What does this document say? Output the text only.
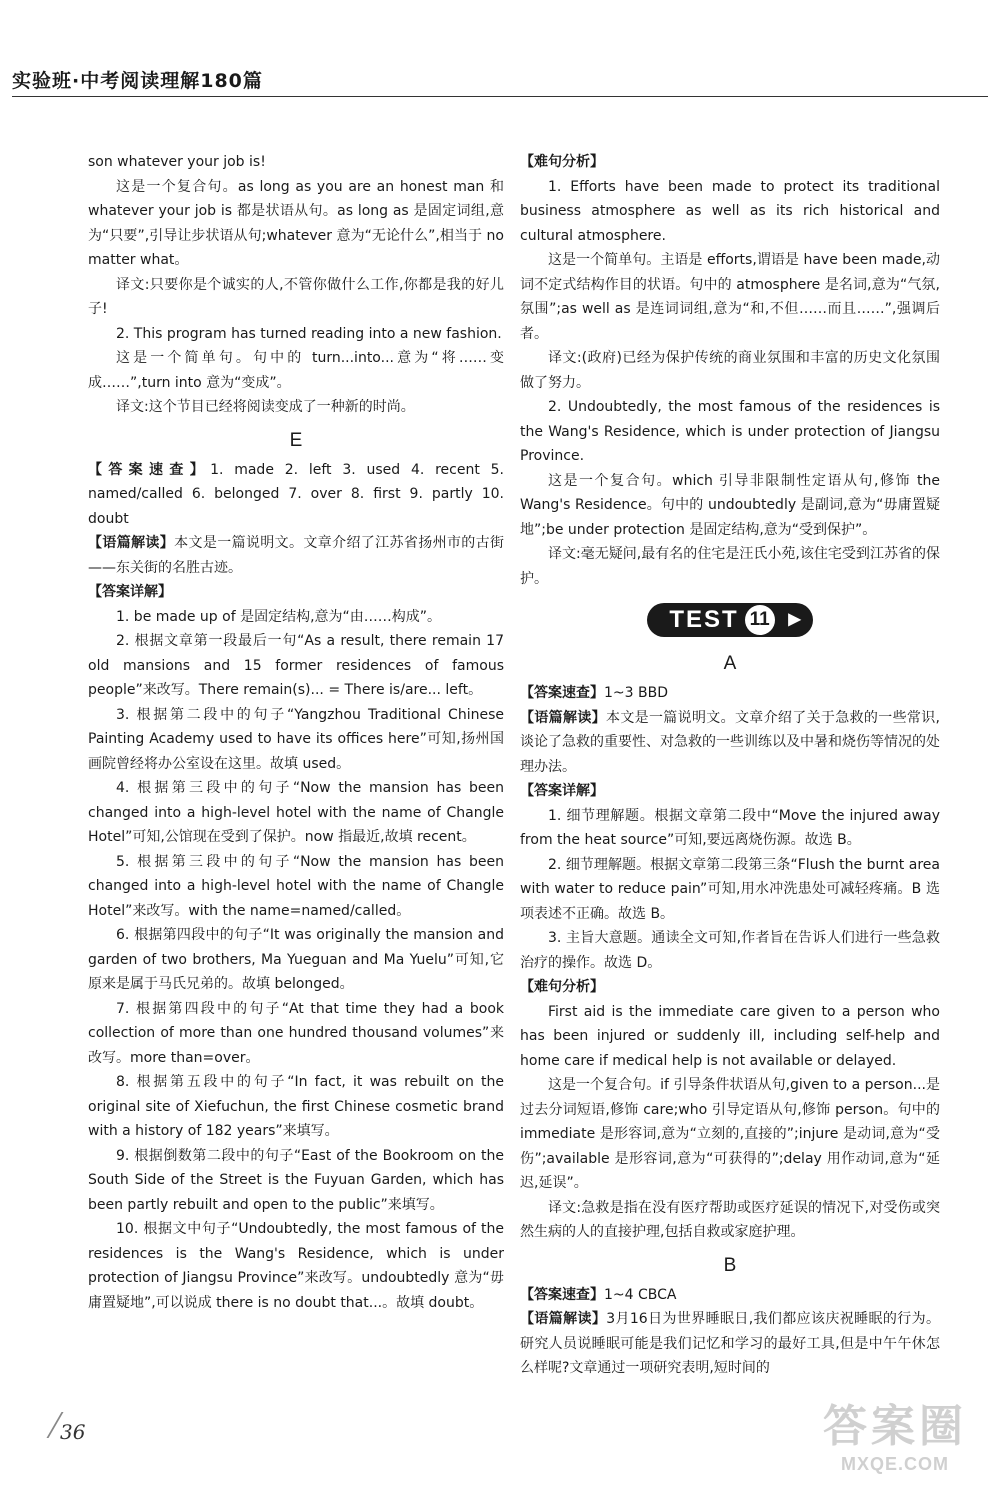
实验班·中考阅读理解180篇

son whatever your job is!

这是一个复合句。as long as you are an honest man 和 whatever your job is 都是状语从句。as long as 是固定词组,意为“只要”,引导让步状语从句;whatever 意为“无论什么”,相当于 no matter what。

译文:只要你是个诚实的人,不管你做什么工作,你都是我的好儿子!

2. This program has turned reading into a new fashion.

这是一个简单句。句中的 turn...into...意为“将……变成……”,turn into 意为“变成”。

译文:这个节目已经将阅读变成了一种新的时尚。

E

【答案速查】1. made 2. left 3. used 4. recent 5. named/called 6. belonged 7. over 8. first 9. partly 10. doubt

【语篇解读】本文是一篇说明文。文章介绍了江苏省扬州市的古街——东关街的名胜古迹。

【答案详解】

1. be made up of 是固定结构,意为“由……构成”。

2. 根据文章第一段最后一句“As a result, there remain 17 old mansions and 15 former residences of famous people”来改写。There remain(s)... = There is/are... left。

3. 根据第二段中的句子“Yangzhou Traditional Chinese Painting Academy used to have its offices here”可知,扬州国画院曾经将办公室设在这里。故填 used。

4. 根据第三段中的句子“Now the mansion has been changed into a high-level hotel with the name of Changle Hotel”可知,公馆现在受到了保护。now 指最近,故填 recent。

5. 根据第三段中的句子“Now the mansion has been changed into a high-level hotel with the name of Changle Hotel”来改写。with the name=named/called。

6. 根据第四段中的句子“It was originally the mansion and garden of two brothers, Ma Yueguan and Ma Yuelu”可知,它原来是属于马氏兄弟的。故填 belonged。

7. 根据第四段中的句子“At that time they had a book collection of more than one hundred thousand volumes”来改写。more than=over。

8. 根据第五段中的句子“In fact, it was rebuilt on the original site of Xiefuchun, the first Chinese cosmetic brand with a history of 182 years”来填写。

9. 根据倒数第二段中的句子“East of the Bookroom on the South Side of the Street is the Fuyuan Garden, which has been partly rebuilt and open to the public”来填写。

10. 根据文中句子“Undoubtedly, the most famous of the residences is the Wang's Residence, which is under protection of Jiangsu Province”来改写。undoubtedly 意为“毋庸置疑地”,可以说成 there is no doubt that...。故填 doubt。

【难句分析】

1. Efforts have been made to protect its traditional business atmosphere as well as its rich historical and cultural atmosphere.

这是一个简单句。主语是 efforts,谓语是 have been made,动词不定式结构作目的状语。句中的 atmosphere 是名词,意为“气氛,氛围”;as well as 是连词词组,意为“和,不但……而且……”,强调后者。

译文:(政府)已经为保护传统的商业氛围和丰富的历史文化氛围做了努力。

2. Undoubtedly, the most famous of the residences is the Wang's Residence, which is under protection of Jiangsu Province.

这是一个复合句。which 引导非限制性定语从句,修饰 the Wang's Residence。句中的 undoubtedly 是副词,意为“毋庸置疑地”;be under protection 是固定结构,意为“受到保护”。

译文:毫无疑问,最有名的住宅是汪氏小苑,该住宅受到江苏省的保护。

TEST 11 ▶
A

【答案速查】1~3 BBD

【语篇解读】本文是一篇说明文。文章介绍了关于急救的一些常识,谈论了急救的重要性、对急救的一些训练以及中暑和烧伤等情况的处理办法。

【答案详解】

1. 细节理解题。根据文章第二段中“Move the injured away from the heat source”可知,要远离烧伤源。故选 B。

2. 细节理解题。根据文章第二段第三条“Flush the burnt area with water to reduce pain”可知,用水冲洗患处可减轻疼痛。B 选项表述不正确。故选 B。

3. 主旨大意题。通读全文可知,作者旨在告诉人们进行一些急救治疗的操作。故选 D。

【难句分析】

First aid is the immediate care given to a person who has been injured or suddenly ill, including self-help and home care if medical help is not available or delayed.

这是一个复合句。if 引导条件状语从句,given to a person...是过去分词短语,修饰 care;who 引导定语从句,修饰 person。句中的 immediate 是形容词,意为“立刻的,直接的”;injure 是动词,意为“受伤”;available 是形容词,意为“可获得的”;delay 用作动词,意为“延迟,延误”。

译文:急救是指在没有医疗帮助或医疗延误的情况下,对受伤或突然生病的人的直接护理,包括自救或家庭护理。

B

【答案速查】1~4 CBCA

【语篇解读】3月16日为世界睡眠日,我们都应该庆祝睡眠的行为。研究人员说睡眠可能是我们记忆和学习的最好工具,但是中午午休怎么样呢?文章通过一项研究表明,短时间的

36	答案圈
MXQE.COM
